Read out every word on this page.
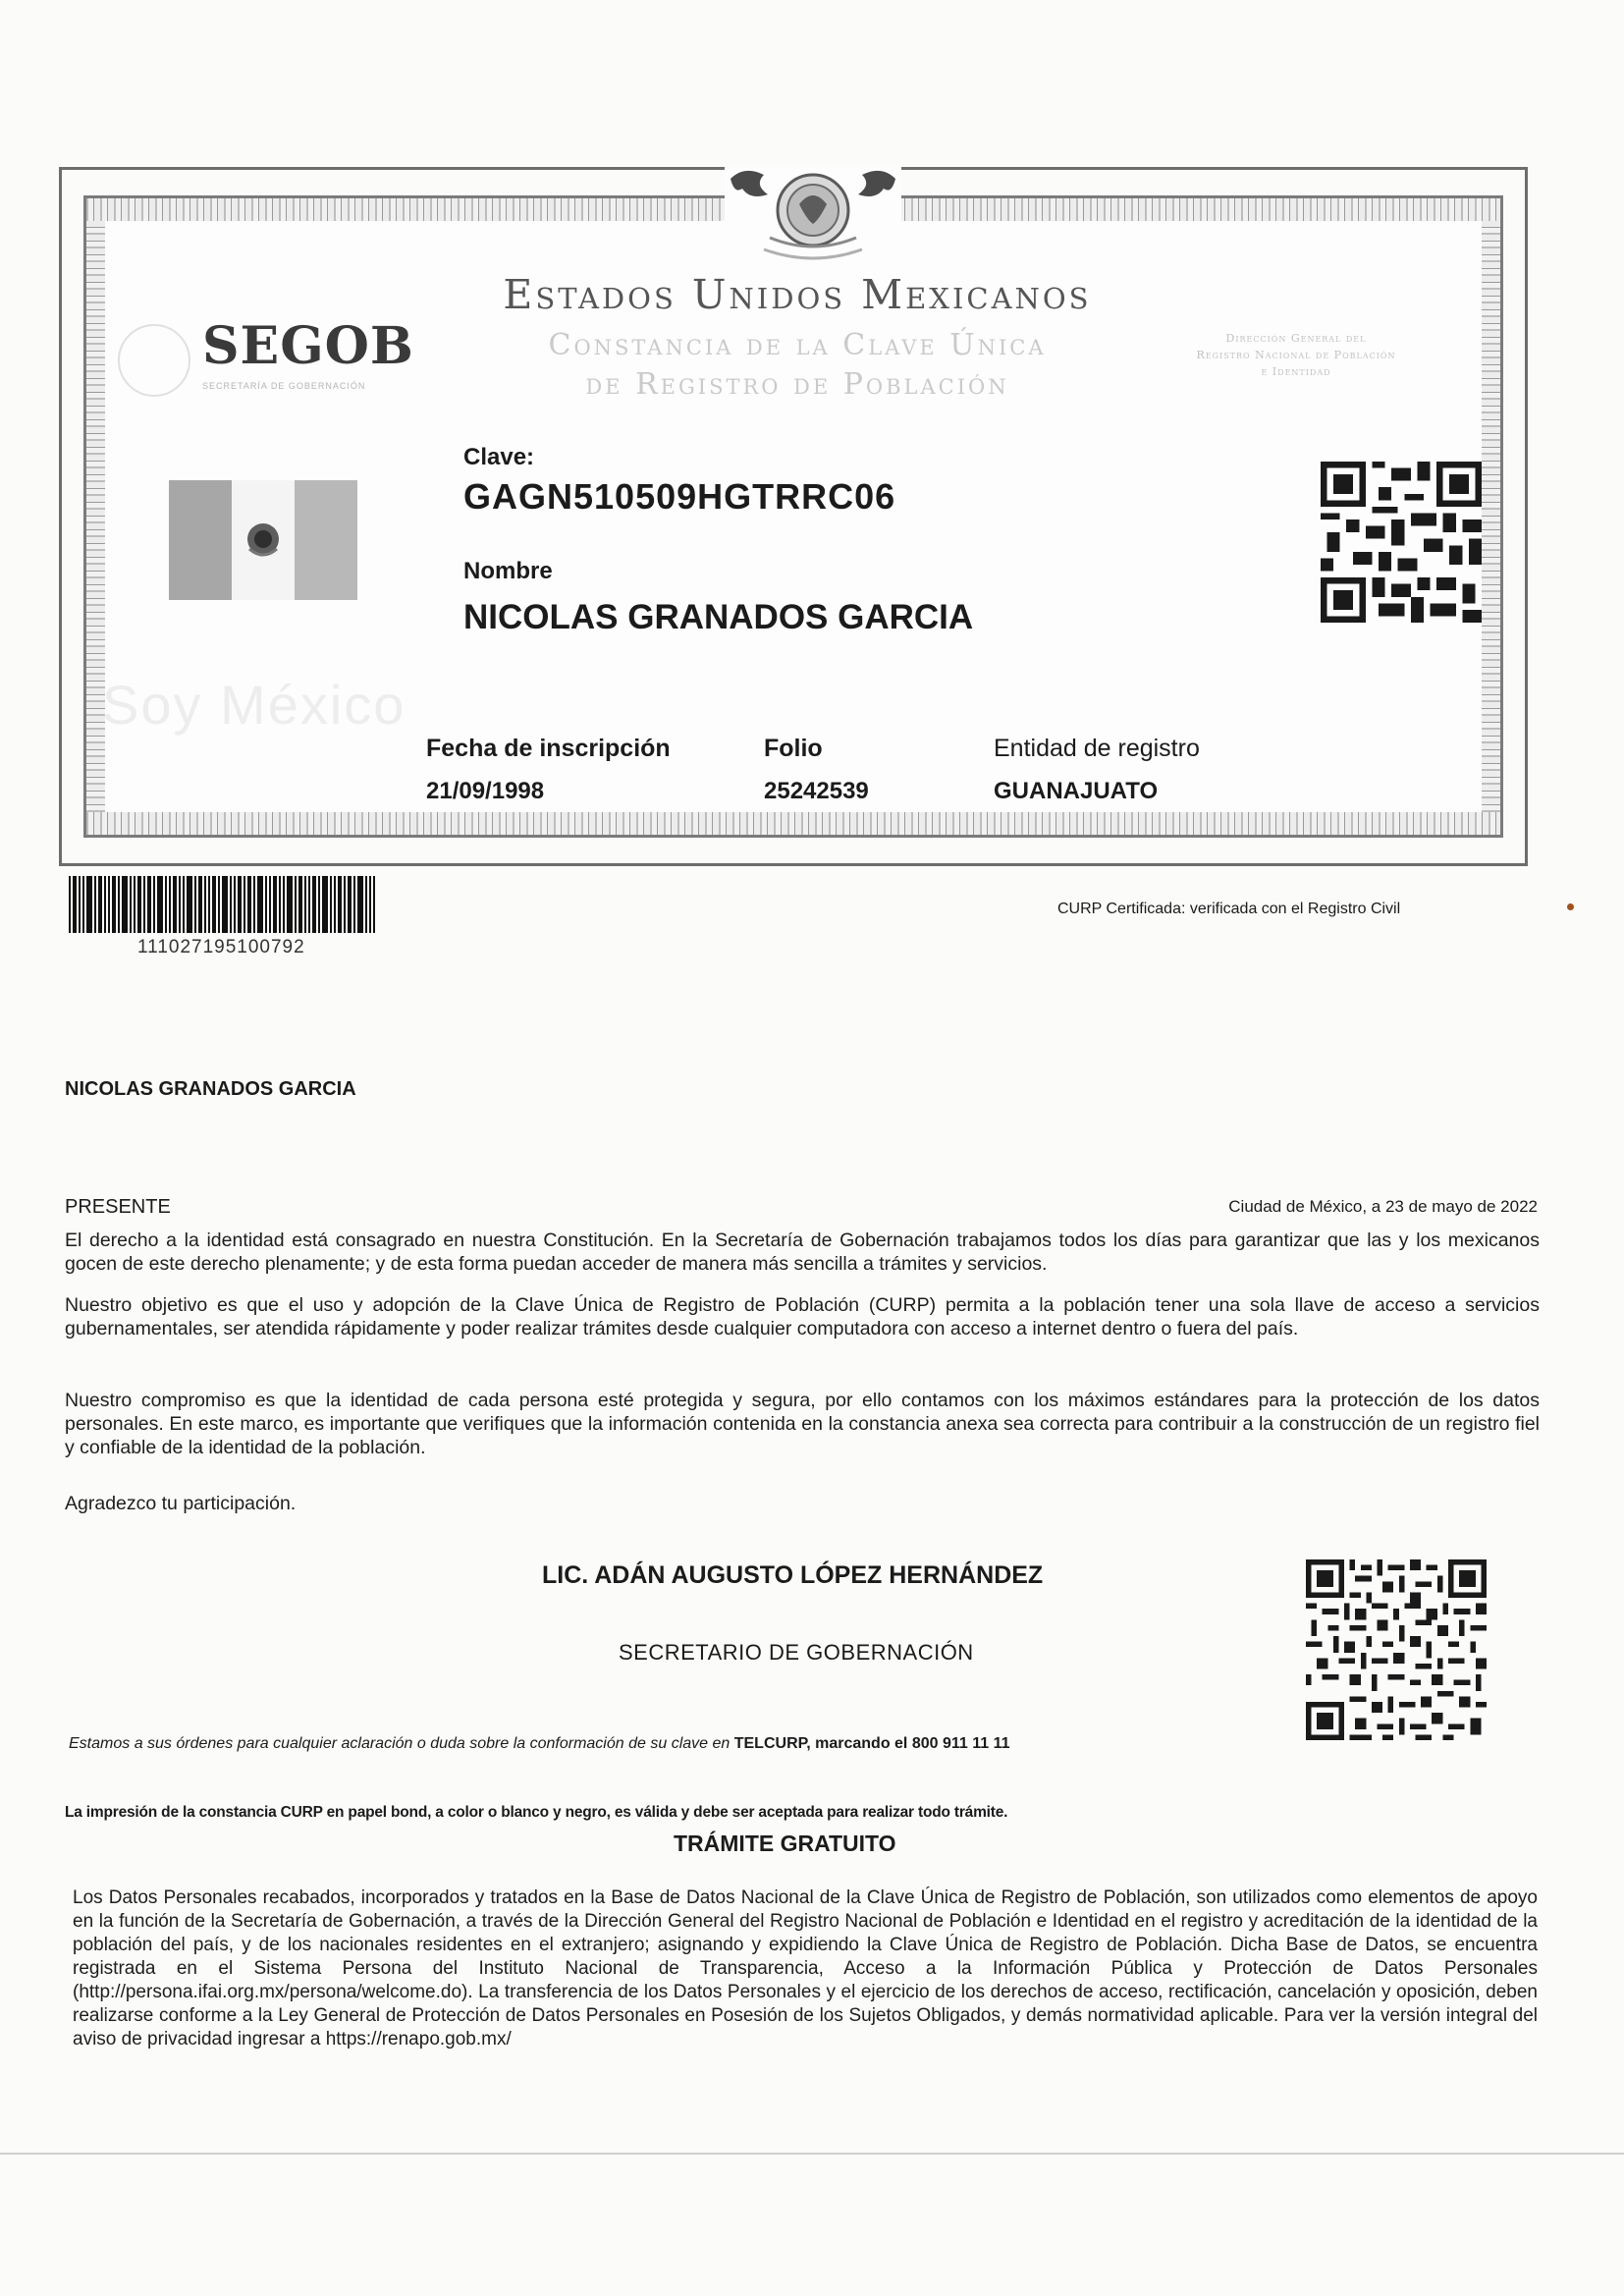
SEGOB
SECRETARÍA DE GOBERNACIÓN
Estados Unidos Mexicanos
Constancia de la Clave Única
de Registro de Población
Dirección General del
Registro Nacional de Población
e Identidad
Clave:
GAGN510509HGTRRC06
Nombre
NICOLAS GRANADOS GARCIA
Soy México
Fecha de inscripción
21/09/1998
Folio
25242539
Entidad de registro
GUANAJUATO
111027195100792
CURP Certificada: verificada con el Registro Civil
NICOLAS GRANADOS GARCIA
PRESENTE	Ciudad de México, a 23 de mayo de 2022
El derecho a la identidad está consagrado en nuestra Constitución. En la Secretaría de Gobernación trabajamos todos los días para garantizar que las y los mexicanos gocen de este derecho plenamente; y de esta forma puedan acceder de manera más sencilla a trámites y servicios.
Nuestro objetivo es que el uso y adopción de la Clave Única de Registro de Población (CURP) permita a la población tener una sola llave de acceso a servicios gubernamentales, ser atendida rápidamente y poder realizar trámites desde cualquier computadora con acceso a internet dentro o fuera del país.
Nuestro compromiso es que la identidad de cada persona esté protegida y segura, por ello contamos con los máximos estándares para la protección de los datos personales. En este marco, es importante que verifiques que la información contenida en la constancia anexa sea correcta para contribuir a la construcción de un registro fiel y confiable de la identidad de la población.
Agradezco tu participación.
LIC. ADÁN AUGUSTO LÓPEZ HERNÁNDEZ
SECRETARIO DE GOBERNACIÓN
Estamos a sus órdenes para cualquier aclaración o duda sobre la conformación de su clave en TELCURP, marcando el 800 911 11 11
La impresión de la constancia CURP en papel bond, a color o blanco y negro, es válida y debe ser aceptada para realizar todo trámite.
TRÁMITE GRATUITO
Los Datos Personales recabados, incorporados y tratados en la Base de Datos Nacional de la Clave Única de Registro de Población, son utilizados como elementos de apoyo en la función de la Secretaría de Gobernación, a través de la Dirección General del Registro Nacional de Población e Identidad en el registro y acreditación de la identidad de la población del país, y de los nacionales residentes en el extranjero; asignando y expidiendo la Clave Única de Registro de Población. Dicha Base de Datos, se encuentra registrada en el Sistema Persona del Instituto Nacional de Transparencia, Acceso a la Información Pública y Protección de Datos Personales (http://persona.ifai.org.mx/persona/welcome.do). La transferencia de los Datos Personales y el ejercicio de los derechos de acceso, rectificación, cancelación y oposición, deben realizarse conforme a la Ley General de Protección de Datos Personales en Posesión de los Sujetos Obligados, y demás normatividad aplicable. Para ver la versión integral del aviso de privacidad ingresar a https://renapo.gob.mx/
